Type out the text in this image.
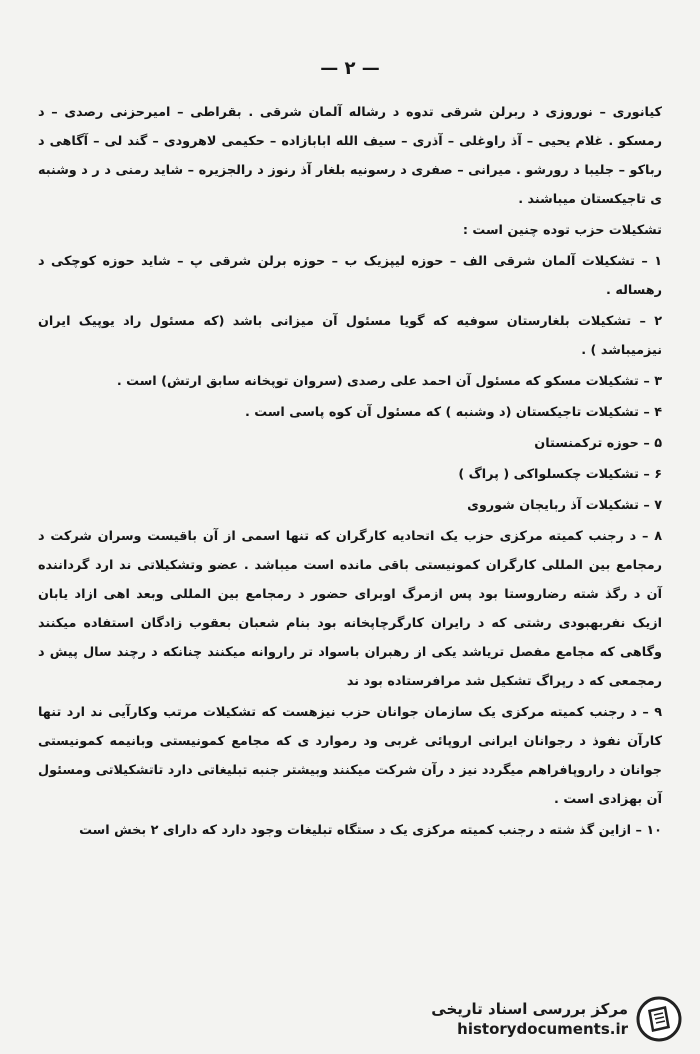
— ۲ —

کیانوری – نوروزی د ربرلن شرقی تدوه د رشاله آلمان شرقی . بقراطی – امیرحزنی رصدی – د رمسکو . غلام یحیی – آذ راوغلی – آذری – سیف الله ابابازاده – حکیمی لاهرودی – گند لی – آگاهی د رباکو – جلیبا د رورشو . میرانی – صفری د رسونیه بلغار آذ رنوز د رالجزیره – شاید رمنی د ر د وشنبه ی تاجیکستان میباشند .

تشکیلات حزب توده چنین است :

۱ – تشکیلات آلمان شرقی الف – حوزه لیپزیک ب – حوزه برلن شرقی پ – شاید حوزه کوچکی د رهساله .

۲ – تشکیلات بلغارستان سوفیه که گویا مسئول آن میزانی باشد (که مسئول راد یوپیک ایران نیزمیباشد ) .

۳ – تشکیلات مسکو که مسئول آن احمد علی رصدی (سروان توپخانه سابق ارتش) است .

۴ – تشکیلات تاجیکستان (د وشنبه ) که مسئول آن کوه پاسی است .

۵ – حوزه ترکمنستان

۶ – تشکیلات چکسلواکی ( پراگ )

۷ – تشکیلات آذ ربایجان شوروی

۸ – د رجنب کمیته مرکزی حزب یک اتحادیه کارگران که تنها اسمی از آن باقیست وسران شرکت د رمجامع بین المللی کارگران کمونیستی باقی مانده است میباشد . عضو وتشکیلاتی ند ارد گرداننده آن د رگذ شته رضاروستا بود پس ازمرگ اوبرای حضور د رمجامع بین المللی وبعد اهی ازاد یابان ازیک نفربهبودی رشتی که د رایران کارگرچاپخانه بود بنام شعبان بعقوب زادگان استفاده میکنند وگاهی که مجامع مفصل تریاشد یکی از رهبران باسواد تر راروانه میکنند چنانکه د رچند سال پیش د رمجمعی که د رپراگ تشکیل شد مرافرستاده بود ند

۹ – د رجنب کمیته مرکزی یک سازمان جوانان حزب نیزهست که تشکیلات مرتب وکارآیی ند ارد تنها کارآن نفوذ د رجوانان ایرانی اروپائی غربی ود رموارد ی که مجامع کمونیستی وبانیمه کمونیستی جوانان د راروپافراهم میگردد نیز د رآن شرکت میکنند وبیشتر جنبه تبلیغاتی دارد تاتشکیلاتی ومسئول آن بهزادی است .

۱۰ – ازاین گذ شته د رجنب کمیته مرکزی یک د ستگاه تبلیغات وجود دارد که دارای ۲ بخش است

مرکز بررسی اسناد تاریخی
historydocuments.ir
